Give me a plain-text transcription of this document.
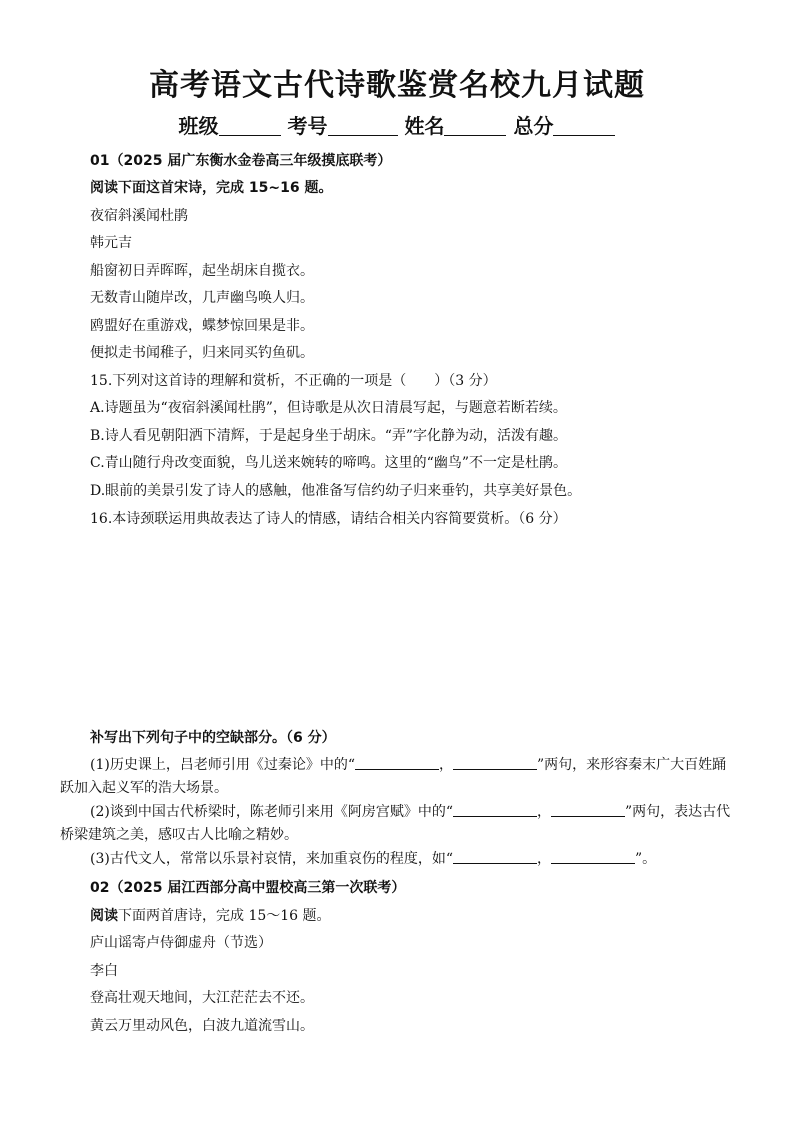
高考语文古代诗歌鉴赏名校九月试题
班级	考号	姓名	总分
01（2025 届广东衡水金卷高三年级摸底联考）
阅读下面这首宋诗，完成 15~16 题。
夜宿斜溪闻杜鹃
韩元吉
船窗初日弄晖晖，起坐胡床自揽衣。
无数青山随岸改，几声幽鸟唤人归。
鸥盟好在重游戏，蝶梦惊回果是非。
便拟走书闻稚子，归来同买钓鱼矶。
15.下列对这首诗的理解和赏析，不正确的一项是（　　）（3 分）
A.诗题虽为“夜宿斜溪闻杜鹃”，但诗歌是从次日清晨写起，与题意若断若续。
B.诗人看见朝阳洒下清辉，于是起身坐于胡床。“弄”字化静为动，活泼有趣。
C.青山随行舟改变面貌，鸟儿送来婉转的啼鸣。这里的“幽鸟”不一定是杜鹃。
D.眼前的美景引发了诗人的感触，他准备写信约幼子归来垂钓，共享美好景色。
16.本诗颈联运用典故表达了诗人的情感，请结合相关内容简要赏析。（6 分）
补写出下列句子中的空缺部分。（6 分）
(1)历史课上，吕老师引用《过秦论》中的“	，	”两句，来形容秦末广大百姓踊跃加入起义军的浩大场景。
(2)谈到中国古代桥梁时，陈老师引来用《阿房宫赋》中的“	，	”两句，表达古代桥梁建筑之美，感叹古人比喻之精妙。
(3)古代文人，常常以乐景衬哀情，来加重哀伤的程度，如“	，	”。
02（2025 届江西部分高中盟校高三第一次联考）
阅读下面两首唐诗，完成 15～16 题。
庐山谣寄卢侍御虚舟（节选）
李白
登高壮观天地间，大江茫茫去不还。
黄云万里动风色，白波九道流雪山。
